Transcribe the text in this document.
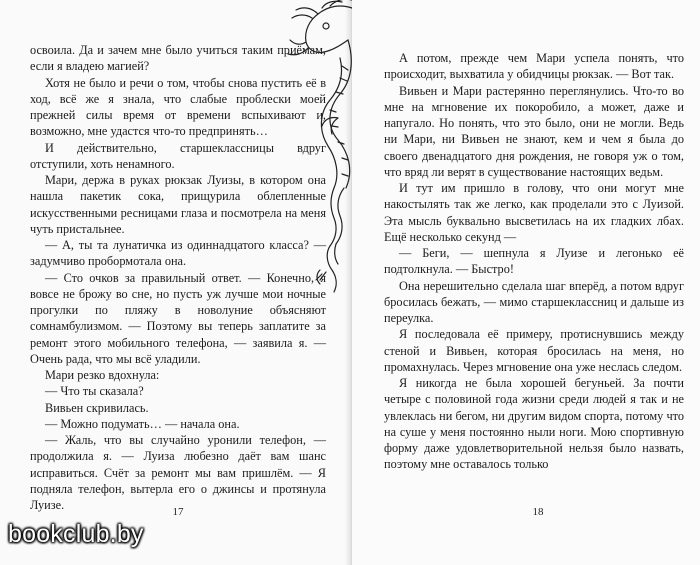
освоила. Да и зачем мне было учиться таким приёмам, если я владею магией?

Хотя не было и речи о том, чтобы снова пустить её в ход, всё же я знала, что слабые проблески моей прежней силы время от времени вспыхивают и, возможно, мне удастся что-то предпринять…

И действительно, старшеклассницы вдруг отступили, хоть ненамного.

Мари, держа в руках рюкзак Луизы, в котором она нашла пакетик сока, прищурила облепленные искусственными ресницами глаза и посмотрела на меня чуть пристальнее.

— А, ты та лунатичка из одиннадцатого класса? — задумчиво пробормотала она.

— Сто очков за правильный ответ. — Конечно, я вовсе не брожу во сне, но пусть уж лучше мои ночные прогулки по пляжу в новолуние объясняют сомнамбулизмом. — Поэтому вы теперь заплатите за ремонт этого мобильного телефона, — заявила я. — Очень рада, что мы всё уладили.

Мари резко вдохнула:

— Что ты сказала?

Вивьен скривилась.

— Можно подумать… — начала она.

— Жаль, что вы случайно уронили телефон, — продолжила я. — Луиза любезно даёт вам шанс исправиться. Счёт за ремонт мы вам пришлём. — Я подняла телефон, вытерла его о джинсы и протянула Луизе.	17

А потом, прежде чем Мари успела понять, что происходит, выхватила у обидчицы рюкзак. — Вот так.

Вивьен и Мари растерянно переглянулись. Что-то во мне на мгновение их покоробило, а может, даже и напугало. Но понять, что это было, они не могли. Ведь ни Мари, ни Вивьен не знают, кем и чем я была до своего двенадцатого дня рождения, не говоря уж о том, что вряд ли верят в существование настоящих ведьм.

И тут им пришло в голову, что они могут мне накостылять так же легко, как проделали это с Луизой. Эта мысль буквально высветилась на их гладких лбах. Ещё несколько секунд —

— Беги, — шепнула я Луизе и легонько её подтолкнула. — Быстро!

Она нерешительно сделала шаг вперёд, а потом вдруг бросилась бежать, — мимо старшеклассниц и дальше из переулка.

Я последовала её примеру, протиснувшись между стеной и Вивьен, которая бросилась на меня, но промахнулась. Через мгновение она уже неслась следом.

Я никогда не была хорошей бегуньей. За почти четыре с половиной года жизни среди людей я так и не увлеклась ни бегом, ни другим видом спорта, потому что на суше у меня постоянно ныли ноги. Мою спортивную форму даже удовлетворительной нельзя было назвать, поэтому мне оставалось только

18
bookclub.by
